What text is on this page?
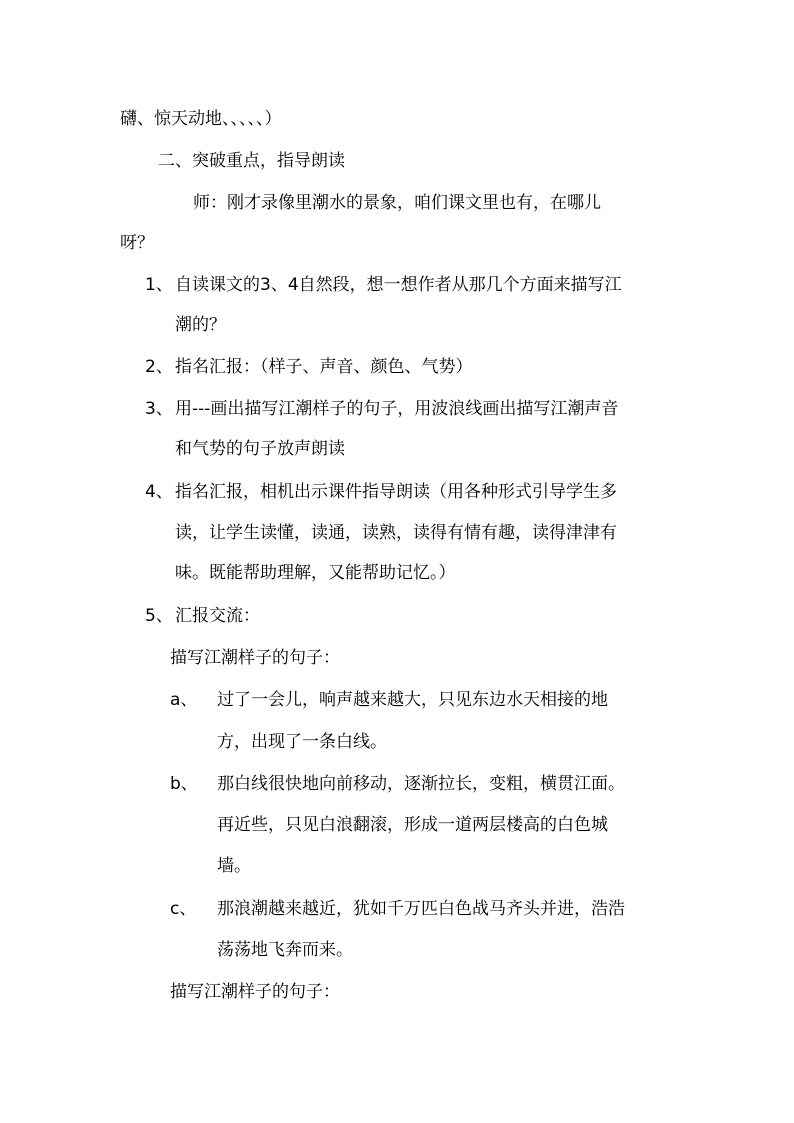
礴、惊天动地、、、、、）
二、突破重点，指导朗读
师：刚才录像里潮水的景象，咱们课文里也有，在哪儿
呀？
1、 自读课文的3、4自然段，想一想作者从那几个方面来描写江
潮的？
2、 指名汇报：（样子、声音、颜色、气势）
3、 用---画出描写江潮样子的句子，用波浪线画出描写江潮声音
和气势的句子放声朗读
4、 指名汇报，相机出示课件指导朗读（用各种形式引导学生多
读，让学生读懂，读通，读熟，读得有情有趣，读得津津有
味。既能帮助理解，又能帮助记忆。）
5、 汇报交流：
描写江潮样子的句子：
a、 过了一会儿，响声越来越大，只见东边水天相接的地
方，出现了一条白线。
b、 那白线很快地向前移动，逐渐拉长，变粗，横贯江面。
再近些，只见白浪翻滚，形成一道两层楼高的白色城
墙。
c、 那浪潮越来越近，犹如千万匹白色战马齐头并进，浩浩
荡荡地飞奔而来。
描写江潮样子的句子：
